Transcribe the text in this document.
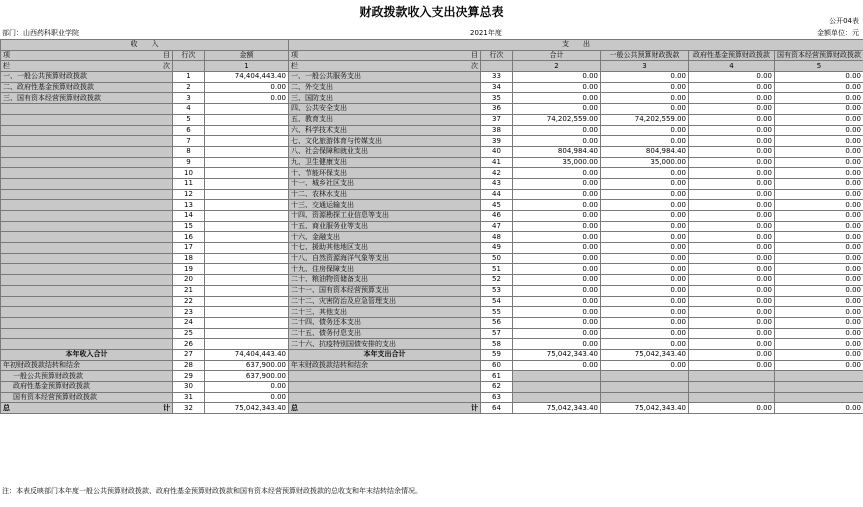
财政拨款收入支出决算总表
公开04表
部门：山西药科职业学院	2021年度	金额单位：元
收　　入			支　　出					

项 目	行次	金额	项 目	行次	合计	一般公共预算财政拨款	政府性基金预算财政拨款	国有资本经营预算财政拨款

栏 次		1	栏 次		2	3	4	5
一、一般公共预算财政拨款	1	74,404,443.40	一、一般公共服务支出	33	0.00	0.00	0.00	0.00
二、政府性基金预算财政拨款	2	0.00	二、外交支出	34	0.00	0.00	0.00	0.00
三、国有资本经营预算财政拨款	3	0.00	三、国防支出	35	0.00	0.00	0.00	0.00
	4		四、公共安全支出	36	0.00	0.00	0.00	0.00
	5		五、教育支出	37	74,202,559.00	74,202,559.00	0.00	0.00
	6		六、科学技术支出	38	0.00	0.00	0.00	0.00
	7		七、文化旅游体育与传媒支出	39	0.00	0.00	0.00	0.00
	8		八、社会保障和就业支出	40	804,984.40	804,984.40	0.00	0.00
	9		九、卫生健康支出	41	35,000.00	35,000.00	0.00	0.00
	10		十、节能环保支出	42	0.00	0.00	0.00	0.00
	11		十一、城乡社区支出	43	0.00	0.00	0.00	0.00
	12		十二、农林水支出	44	0.00	0.00	0.00	0.00
	13		十三、交通运输支出	45	0.00	0.00	0.00	0.00
	14		十四、资源勘探工业信息等支出	46	0.00	0.00	0.00	0.00
	15		十五、商业服务业等支出	47	0.00	0.00	0.00	0.00
	16		十六、金融支出	48	0.00	0.00	0.00	0.00
	17		十七、援助其他地区支出	49	0.00	0.00	0.00	0.00
	18		十八、自然资源海洋气象等支出	50	0.00	0.00	0.00	0.00
	19		十九、住房保障支出	51	0.00	0.00	0.00	0.00
	20		二十、粮油物资储备支出	52	0.00	0.00	0.00	0.00
	21		二十一、国有资本经营预算支出	53	0.00	0.00	0.00	0.00
	22		二十二、灾害防治及应急管理支出	54	0.00	0.00	0.00	0.00
	23		二十三、其他支出	55	0.00	0.00	0.00	0.00
	24		二十四、债务还本支出	56	0.00	0.00	0.00	0.00
	25		二十五、债务付息支出	57	0.00	0.00	0.00	0.00
	26		二十六、抗疫特别国债安排的支出	58	0.00	0.00	0.00	0.00
本年收入合计	27	74,404,443.40	本年支出合计	59	75,042,343.40	75,042,343.40	0.00	0.00
年初财政拨款结转和结余	28	637,900.00	年末财政拨款结转和结余	60	0.00	0.00	0.00	0.00
一般公共预算财政拨款	29	637,900.00		61				
政府性基金预算财政拨款	30	0.00		62				
国有资本经营预算财政拨款	31	0.00		63				

总 计	32	75,042,343.40	总 计	64	75,042,343.40	75,042,343.40	0.00	0.00
注：本表反映部门本年度一般公共预算财政拨款、政府性基金预算财政拨款和国有资本经营预算财政拨款的总收支和年末结转结余情况。
